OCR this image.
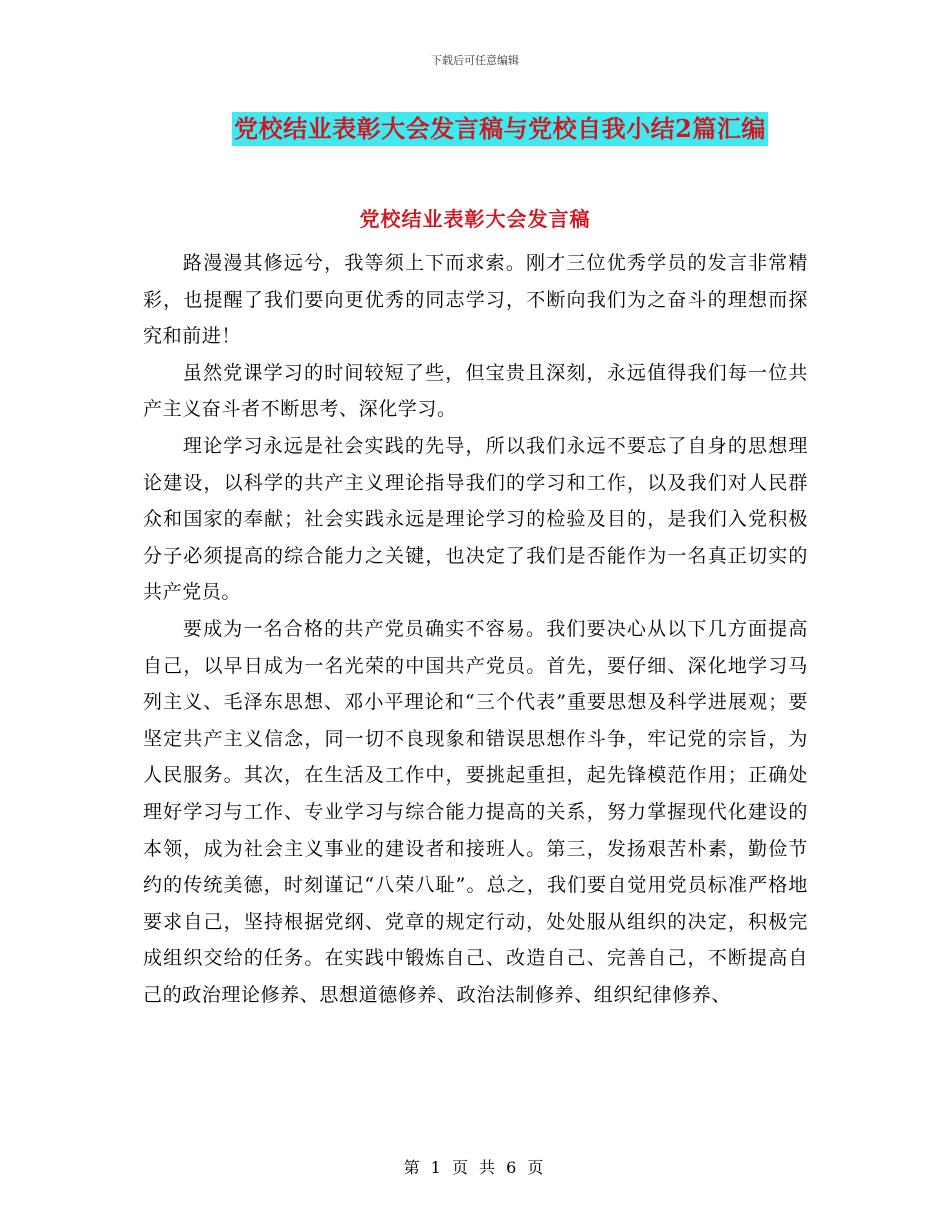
下载后可任意编辑
党校结业表彰大会发言稿与党校自我小结2篇汇编
党校结业表彰大会发言稿

路漫漫其修远兮，我等须上下而求索。刚才三位优秀学员的发言非常精彩，也提醒了我们要向更优秀的同志学习，不断向我们为之奋斗的理想而探究和前进！

虽然党课学习的时间较短了些，但宝贵且深刻，永远值得我们每一位共产主义奋斗者不断思考、深化学习。

理论学习永远是社会实践的先导，所以我们永远不要忘了自身的思想理论建设，以科学的共产主义理论指导我们的学习和工作，以及我们对人民群众和国家的奉献；社会实践永远是理论学习的检验及目的，是我们入党积极分子必须提高的综合能力之关键，也决定了我们是否能作为一名真正切实的共产党员。

要成为一名合格的共产党员确实不容易。我们要决心从以下几方面提高自己，以早日成为一名光荣的中国共产党员。首先，要仔细、深化地学习马列主义、毛泽东思想、邓小平理论和“三个代表”重要思想及科学进展观；要坚定共产主义信念，同一切不良现象和错误思想作斗争，牢记党的宗旨，为人民服务。其次，在生活及工作中，要挑起重担，起先锋模范作用；正确处理好学习与工作、专业学习与综合能力提高的关系，努力掌握现代化建设的本领，成为社会主义事业的建设者和接班人。第三，发扬艰苦朴素，勤俭节约的传统美德，时刻谨记“八荣八耻”。总之，我们要自觉用党员标准严格地要求自己，坚持根据党纲、党章的规定行动，处处服从组织的决定，积极完成组织交给的任务。在实践中锻炼自己、改造自己、完善自己，不断提高自己的政治理论修养、思想道德修养、政治法制修养、组织纪律修养、

第 1 页 共 6 页
